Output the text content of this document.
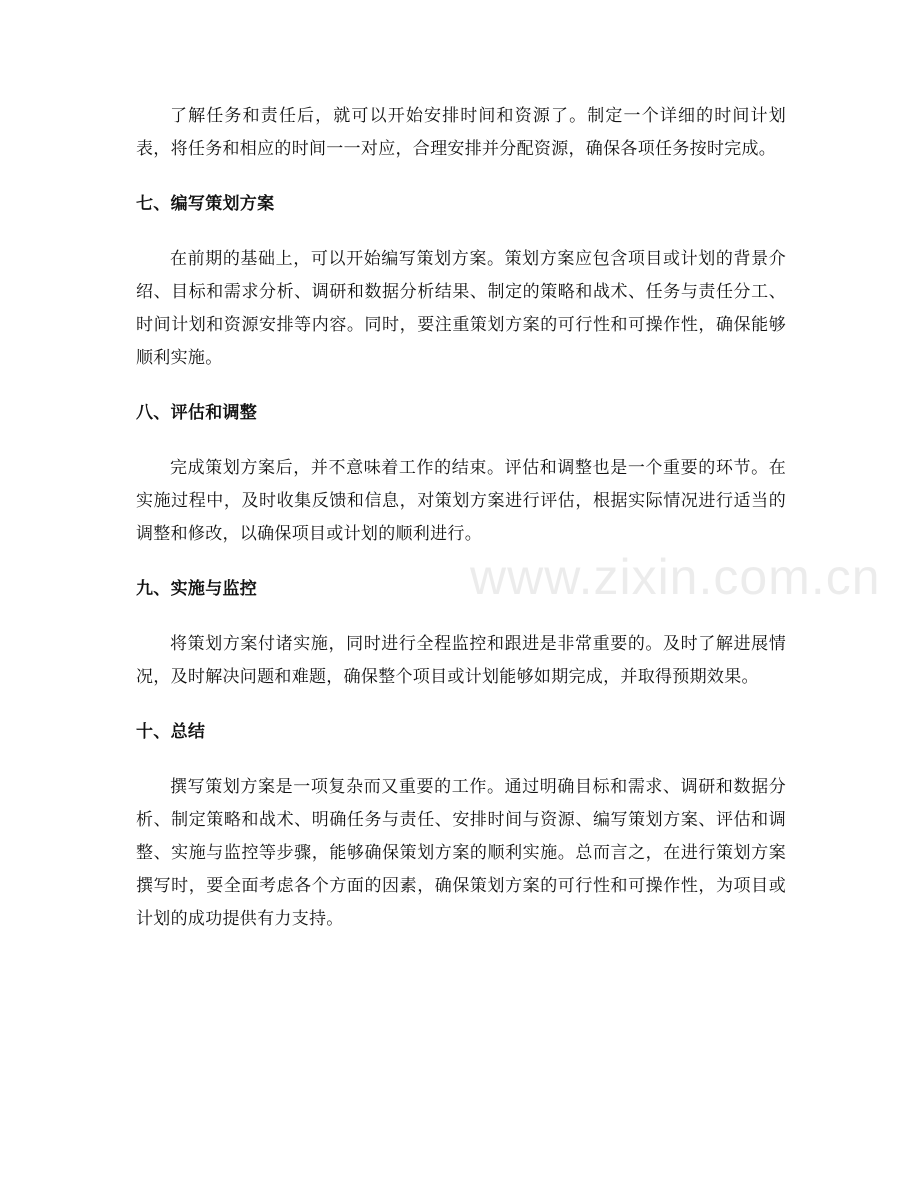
了解任务和责任后，就可以开始安排时间和资源了。制定一个详细的时间计划表，将任务和相应的时间一一对应，合理安排并分配资源，确保各项任务按时完成。

七、编写策划方案

在前期的基础上，可以开始编写策划方案。策划方案应包含项目或计划的背景介绍、目标和需求分析、调研和数据分析结果、制定的策略和战术、任务与责任分工、时间计划和资源安排等内容。同时，要注重策划方案的可行性和可操作性，确保能够顺利实施。

八、评估和调整

完成策划方案后，并不意味着工作的结束。评估和调整也是一个重要的环节。在实施过程中，及时收集反馈和信息，对策划方案进行评估，根据实际情况进行适当的调整和修改，以确保项目或计划的顺利进行。

九、实施与监控

将策划方案付诸实施，同时进行全程监控和跟进是非常重要的。及时了解进展情况，及时解决问题和难题，确保整个项目或计划能够如期完成，并取得预期效果。

十、总结

撰写策划方案是一项复杂而又重要的工作。通过明确目标和需求、调研和数据分析、制定策略和战术、明确任务与责任、安排时间与资源、编写策划方案、评估和调整、实施与监控等步骤，能够确保策划方案的顺利实施。总而言之，在进行策划方案撰写时，要全面考虑各个方面的因素，确保策划方案的可行性和可操作性，为项目或计划的成功提供有力支持。

www.zixin.com.cn
